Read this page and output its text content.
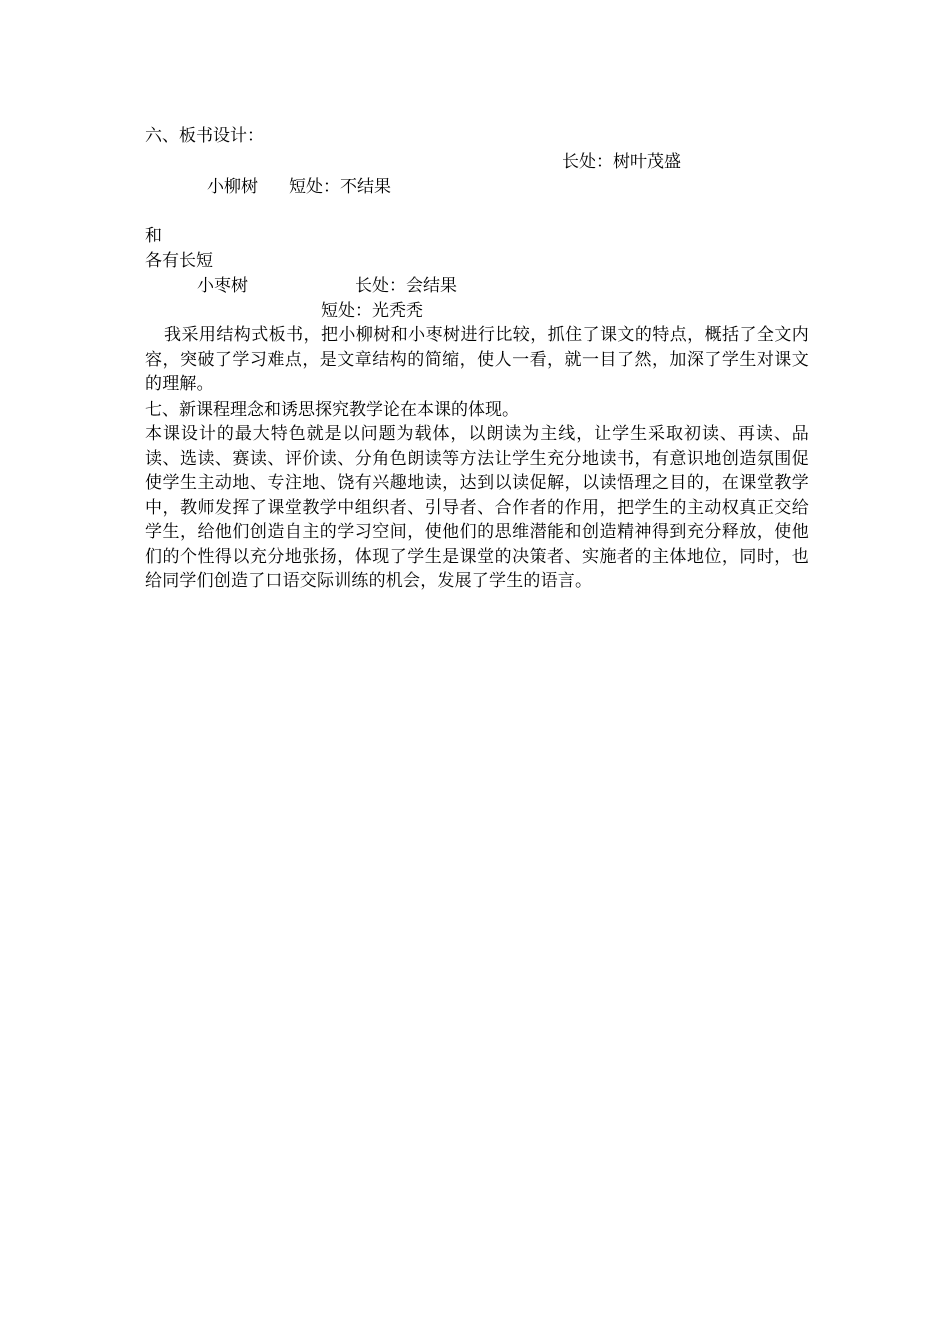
六、板书设计：
长处：树叶茂盛
小柳树 短处：不结果
和
各有长短
小枣树	长处：会结果
短处：光秃秃
我采用结构式板书，把小柳树和小枣树进行比较，抓住了课文的特点，概括了全文内容，突破了学习难点，是文章结构的简缩，使人一看，就一目了然，加深了学生对课文的理解。
七、新课程理念和诱思探究教学论在本课的体现。
本课设计的最大特色就是以问题为载体，以朗读为主线，让学生采取初读、再读、品读、选读、赛读、评价读、分角色朗读等方法让学生充分地读书，有意识地创造氛围促使学生主动地、专注地、饶有兴趣地读，达到以读促解，以读悟理之目的，在课堂教学中，教师发挥了课堂教学中组织者、引导者、合作者的作用，把学生的主动权真正交给学生，给他们创造自主的学习空间，使他们的思维潜能和创造精神得到充分释放，使他们的个性得以充分地张扬，体现了学生是课堂的决策者、实施者的主体地位，同时，也给同学们创造了口语交际训练的机会，发展了学生的语言。
